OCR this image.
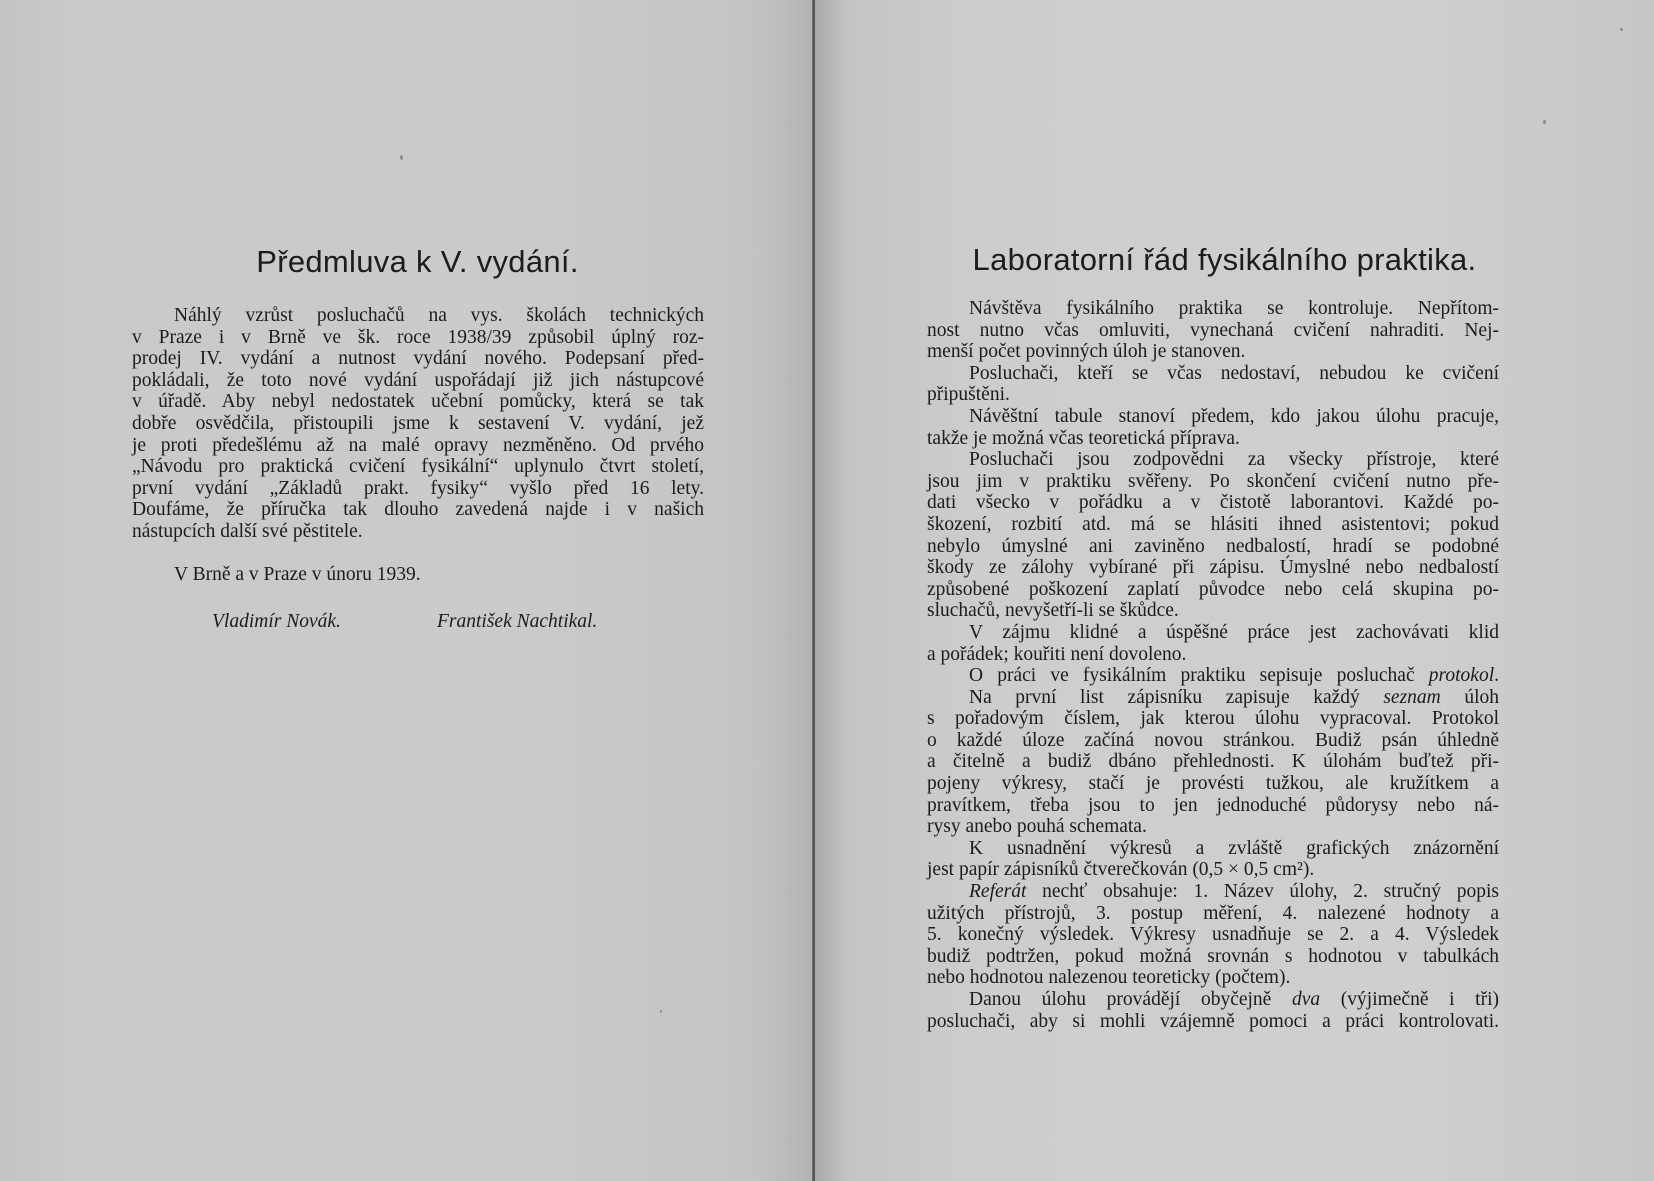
Předmluva k V. vydání.
Náhlý vzrůst posluchačů na vys. školách technických
v Praze i v Brně ve šk. roce 1938/39 způsobil úplný roz-
prodej IV. vydání a nutnost vydání nového. Podepsaní před-
pokládali, že toto nové vydání uspořádají již jich nástupcové
v úřadě. Aby nebyl nedostatek učební pomůcky, která se tak
dobře osvědčila, přistoupili jsme k sestavení V. vydání, jež
je proti předešlému až na malé opravy nezměněno. Od prvého
„Návodu pro praktická cvičení fysikální“ uplynulo čtvrt století,
první vydání „Základů prakt. fysiky“ vyšlo před 16 lety.
Doufáme, že příručka tak dlouho zavedená najde i v našich
nástupcích další své pěstitele.
V Brně a v Praze v únoru 1939.
Vladimír Novák.	František Nachtikal.
Laboratorní řád fysikálního praktika.
Návštěva fysikálního praktika se kontroluje. Nepřítom-
nost nutno včas omluviti, vynechaná cvičení nahraditi. Nej-
menší počet povinných úloh je stanoven.
Posluchači, kteří se včas nedostaví, nebudou ke cvičení
připuštěni.
Návěštní tabule stanoví předem, kdo jakou úlohu pracuje,
takže je možná včas teoretická příprava.
Posluchači jsou zodpovědni za všecky přístroje, které
jsou jim v praktiku svěřeny. Po skončení cvičení nutno pře-
dati všecko v pořádku a v čistotě laborantovi. Každé po-
škození, rozbití atd. má se hlásiti ihned asistentovi; pokud
nebylo úmyslné ani zaviněno nedbalostí, hradí se podobné
škody ze zálohy vybírané při zápisu. Úmyslné nebo nedbalostí
způsobené poškození zaplatí původce nebo celá skupina po-
sluchačů, nevyšetří-li se škůdce.
V zájmu klidné a úspěšné práce jest zachovávati klid
a pořádek; kouřiti není dovoleno.
O práci ve fysikálním praktiku sepisuje posluchač protokol.
Na první list zápisníku zapisuje každý seznam úloh
s pořadovým číslem, jak kterou úlohu vypracoval. Protokol
o každé úloze začíná novou stránkou. Budiž psán úhledně
a čitelně a budiž dbáno přehlednosti. K úlohám buďtež při-
pojeny výkresy, stačí je provésti tužkou, ale kružítkem a
pravítkem, třeba jsou to jen jednoduché půdorysy nebo ná-
rysy anebo pouhá schemata.
K usnadnění výkresů a zvláště grafických znázornění
jest papír zápisníků čtverečkován (0,5 × 0,5 cm²).
Referát nechť obsahuje: 1. Název úlohy, 2. stručný popis
užitých přístrojů, 3. postup měření, 4. nalezené hodnoty a
5. konečný výsledek. Výkresy usnadňuje se 2. a 4. Výsledek
budiž podtržen, pokud možná srovnán s hodnotou v tabulkách
nebo hodnotou nalezenou teoreticky (počtem).
Danou úlohu provádějí obyčejně dva (výjimečně i tři)
posluchači, aby si mohli vzájemně pomoci a práci kontrolovati.
